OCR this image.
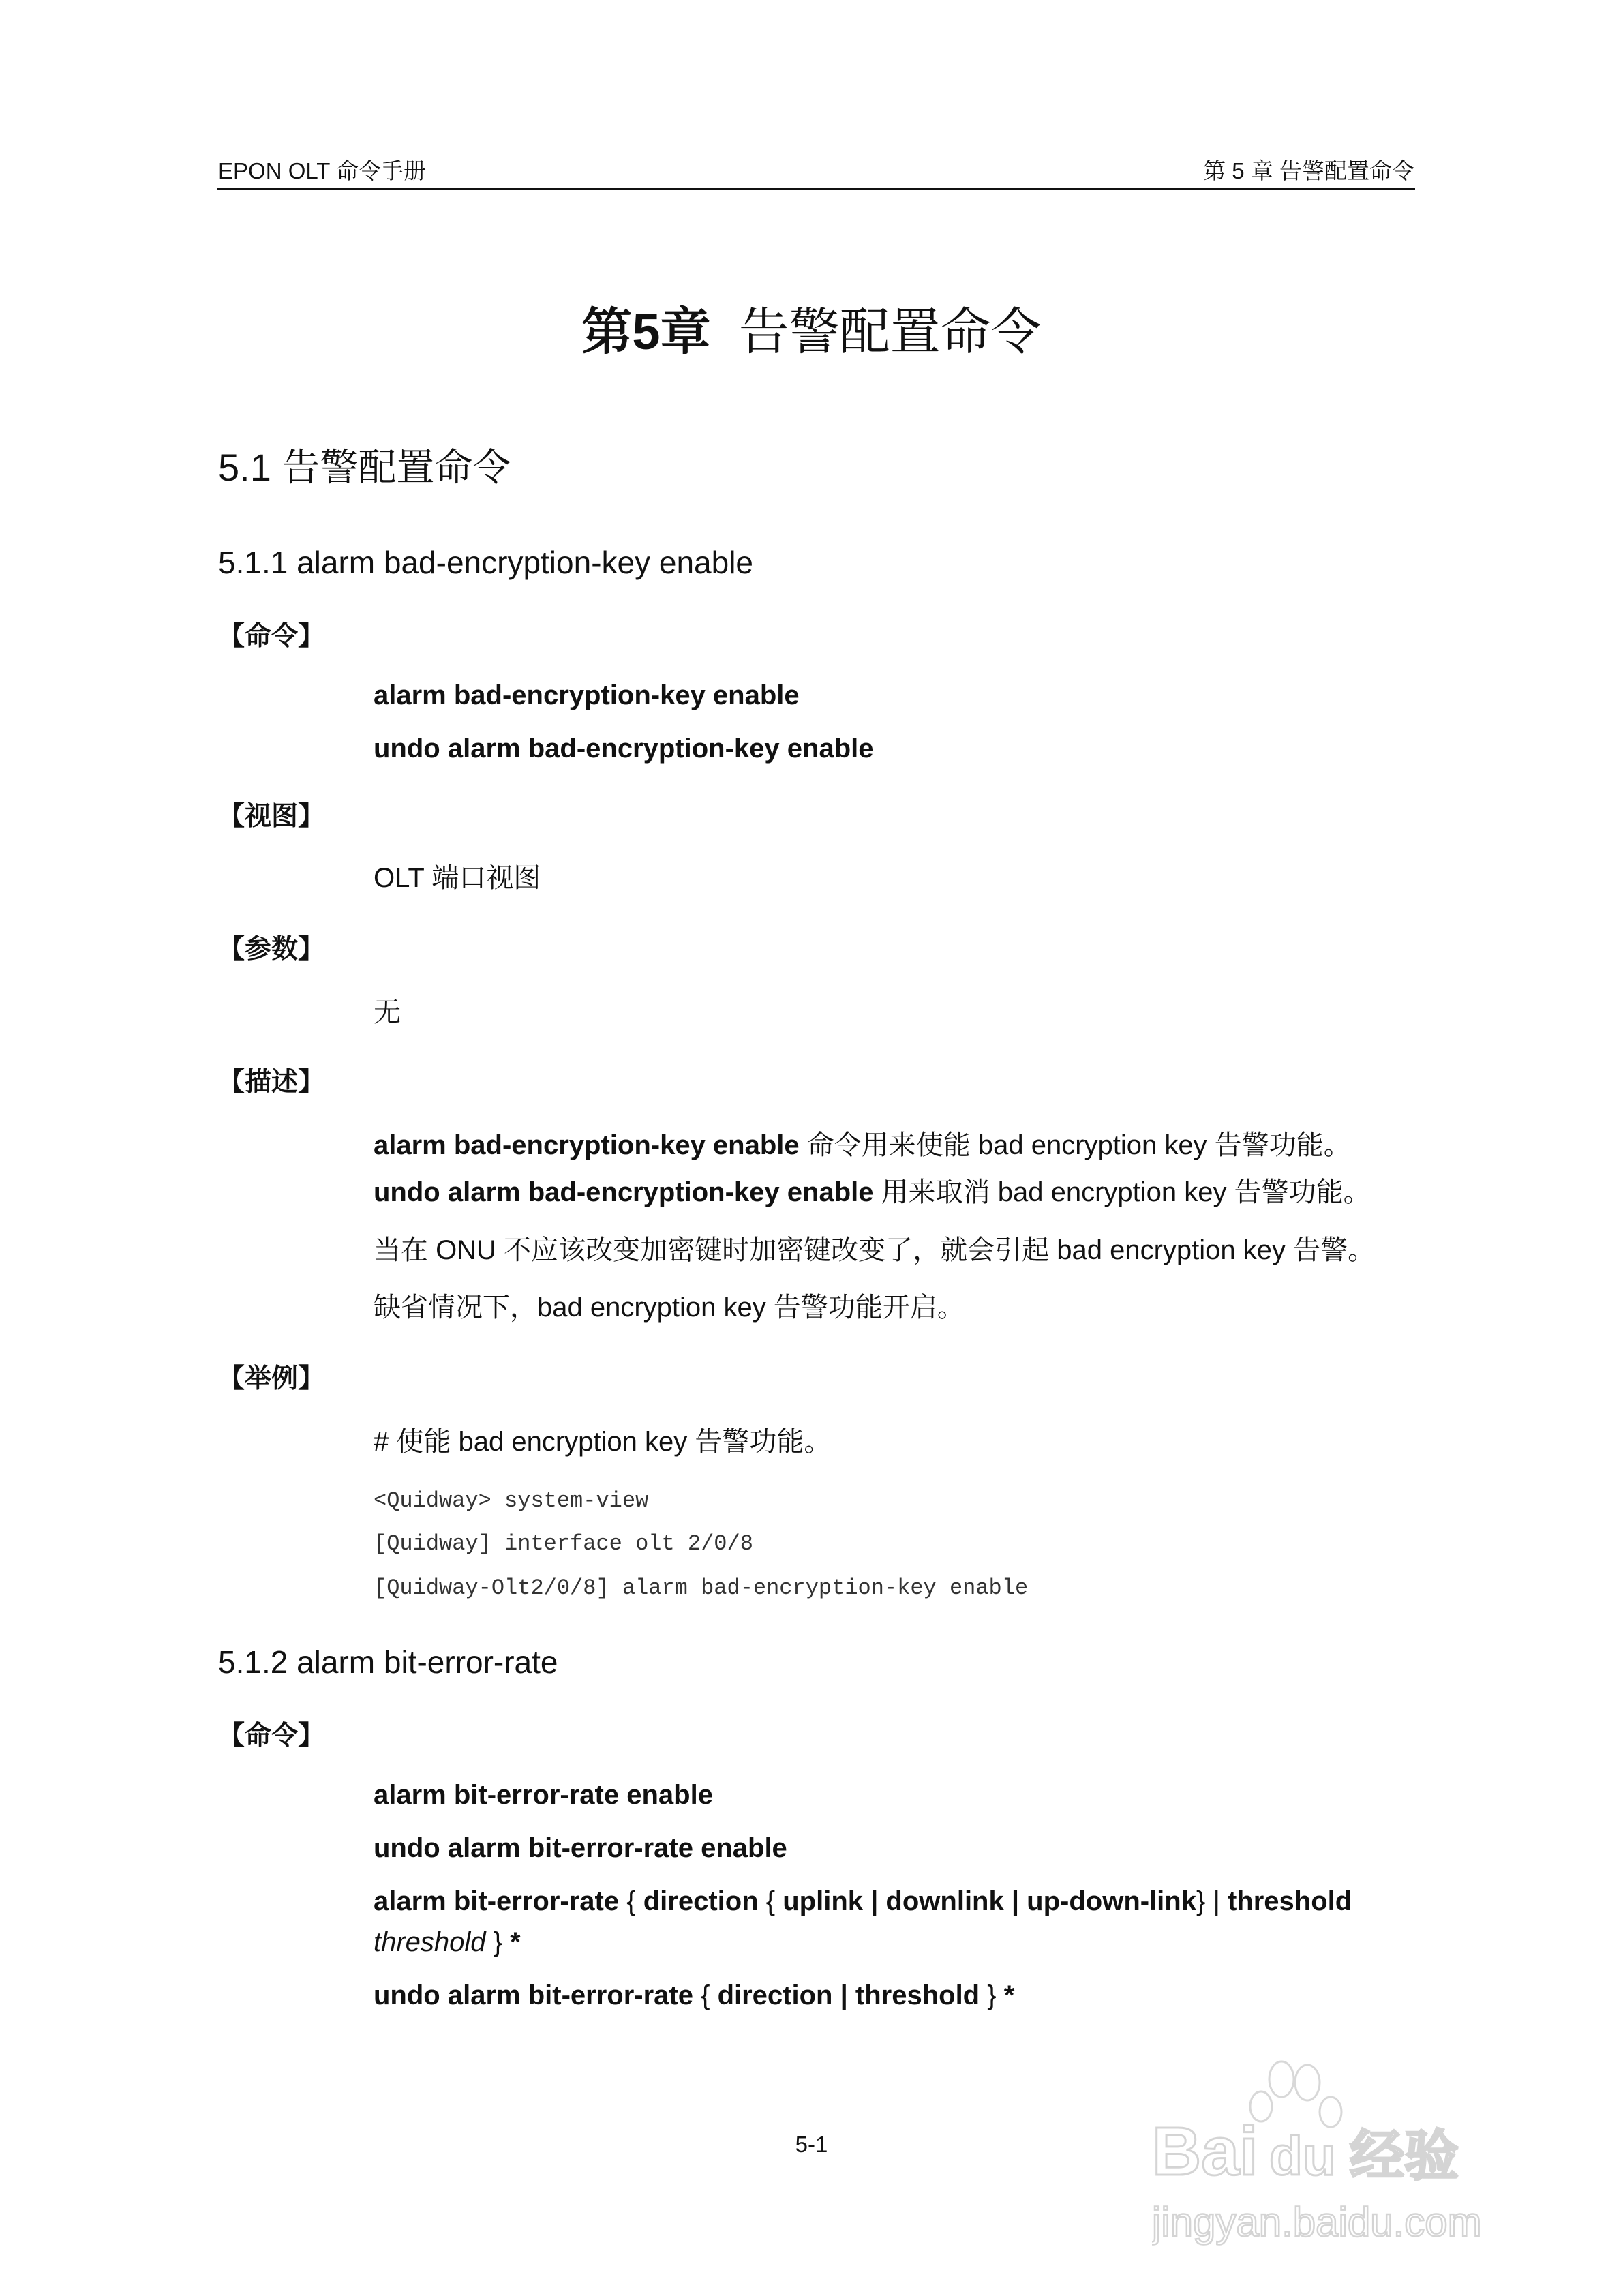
EPON OLT 命令手册	第 5 章 告警配置命令
第5章 告警配置命令
5.1 告警配置命令
5.1.1 alarm bad-encryption-key enable
【命令】
alarm bad-encryption-key enable
undo alarm bad-encryption-key enable
【视图】
OLT 端口视图
【参数】
无
【描述】
alarm bad-encryption-key enable 命令用来使能 bad encryption key 告警功能。
undo alarm bad-encryption-key enable 用来取消 bad encryption key 告警功能。
当在 ONU 不应该改变加密键时加密键改变了，就会引起 bad encryption key 告警。
缺省情况下，bad encryption key 告警功能开启。
【举例】
# 使能 bad encryption key 告警功能。
<Quidway> system-view
[Quidway] interface olt 2/0/8
[Quidway-Olt2/0/8] alarm bad-encryption-key enable
5.1.2 alarm bit-error-rate
【命令】
alarm bit-error-rate enable
undo alarm bit-error-rate enable
alarm bit-error-rate { direction { uplink | downlink | up-down-link} | threshold
threshold } *
undo alarm bit-error-rate { direction | threshold } *
5-1	Bai du 经验
jingyan.baidu.com
